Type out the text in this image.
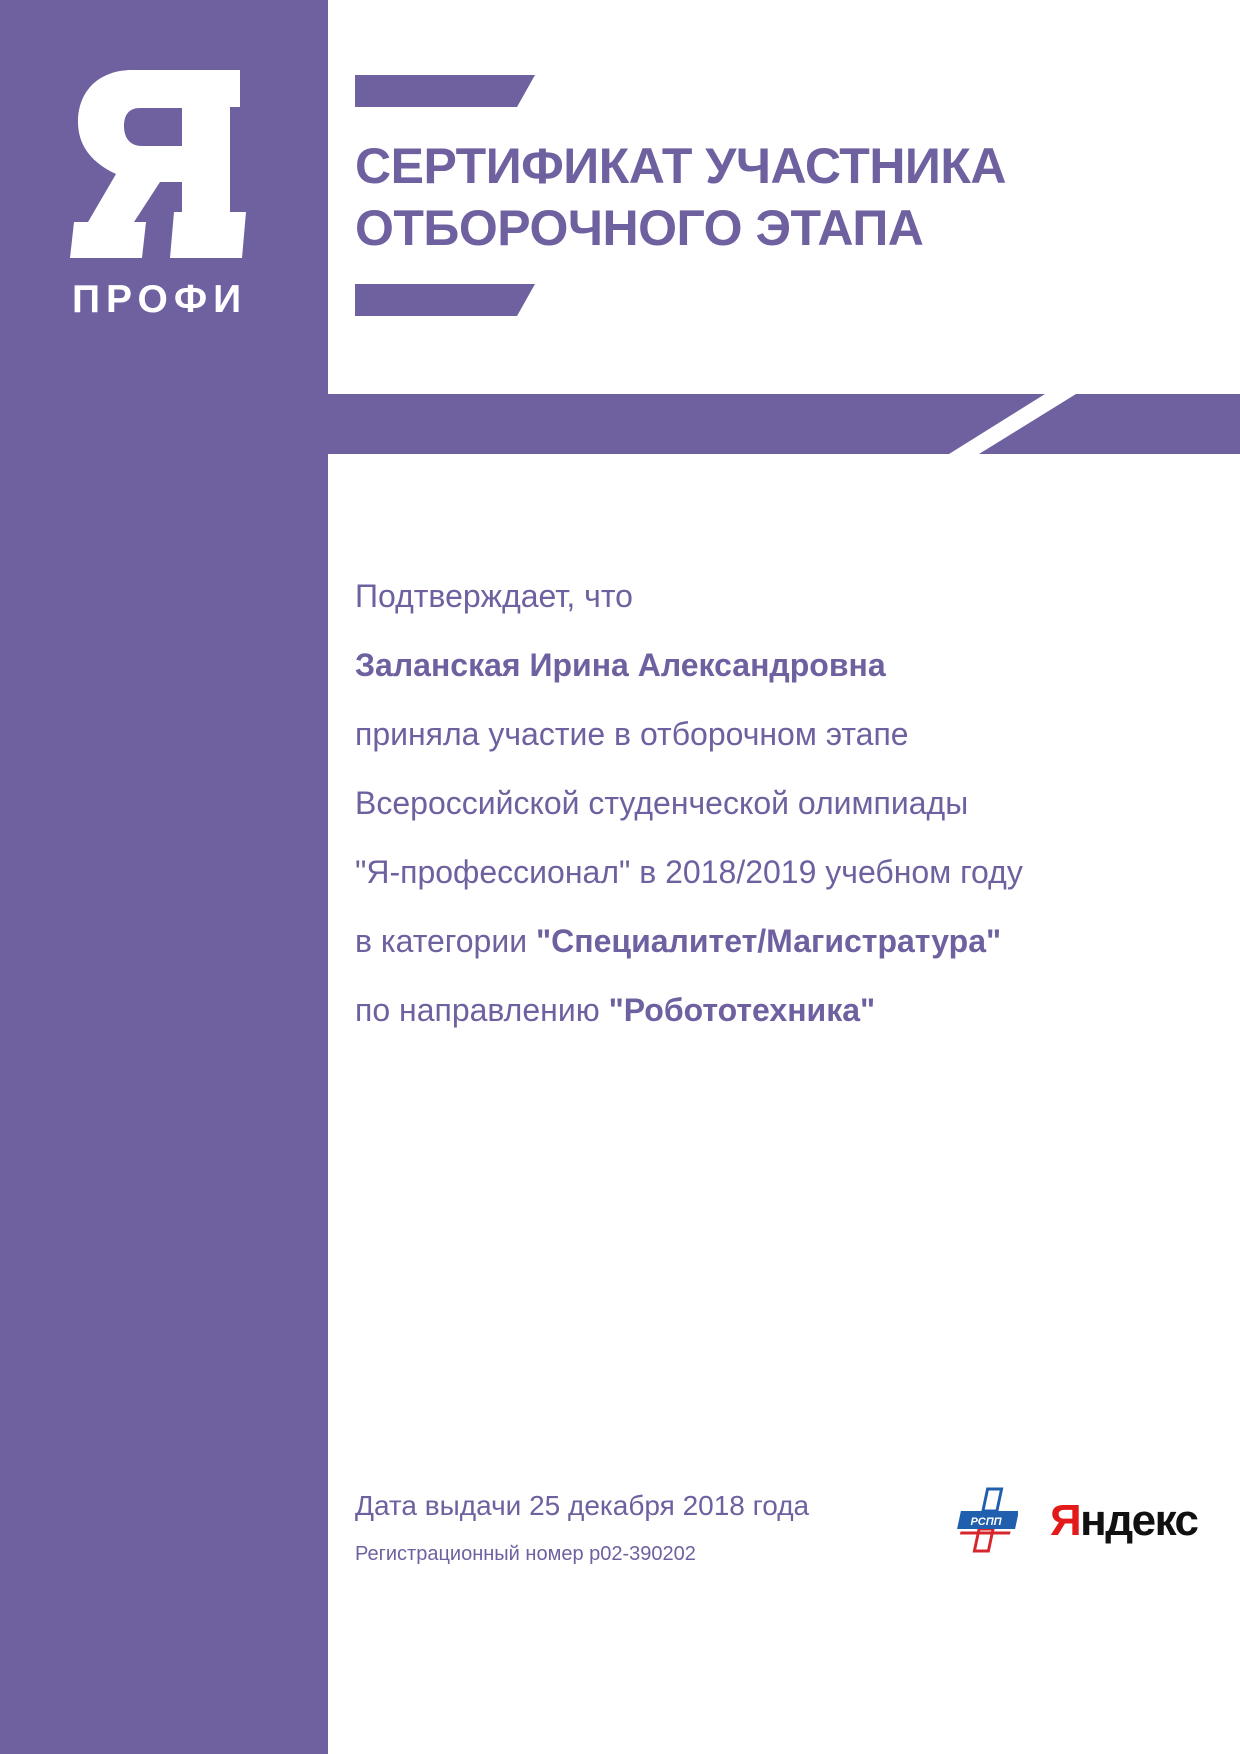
ПРОФИ
СЕРТИФИКАТ УЧАСТНИКА
ОТБОРОЧНОГО ЭТАПА
Подтверждает, что
Заланская Ирина Александровна
приняла участие в отборочном этапе
Всероссийской студенческой олимпиады
"Я-профессионал" в 2018/2019 учебном году
в категории "Специалитет/Магистратура"
по направлению "Робототехника"
Дата выдачи 25 декабря 2018 года
Регистрационный номер р02-390202
РСПП Яндекс
